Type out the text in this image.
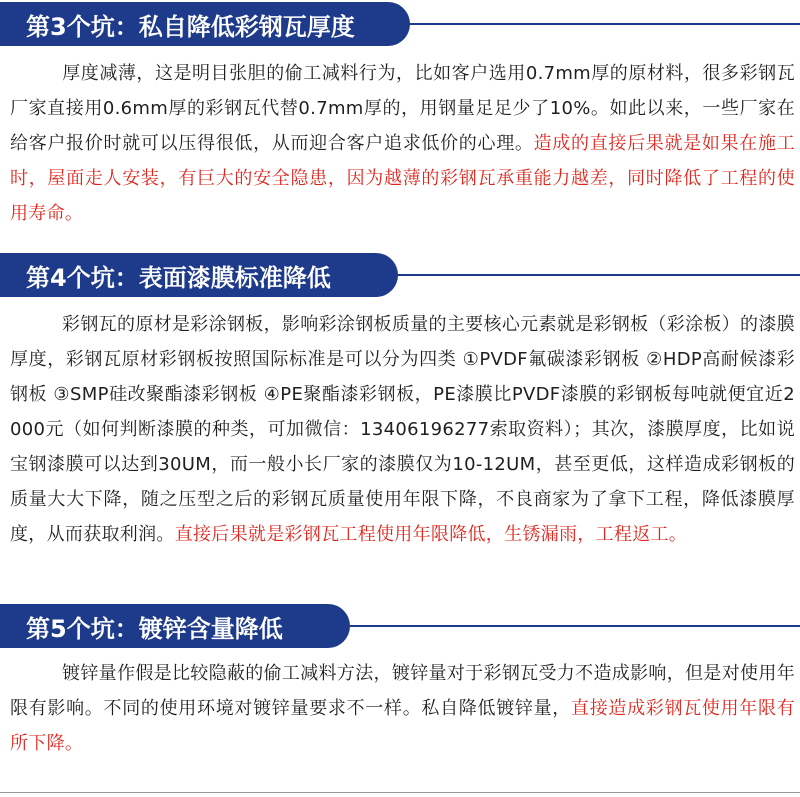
第3个坑：私自降低彩钢瓦厚度
厚度减薄，这是明目张胆的偷工减料行为，比如客户选用0.7mm厚的原材料，很多彩钢瓦厂家直接用0.6mm厚的彩钢瓦代替0.7mm厚的，用钢量足足少了10%。如此以来，一些厂家在给客户报价时就可以压得很低，从而迎合客户追求低价的心理。造成的直接后果就是如果在施工时，屋面走人安装，有巨大的安全隐患，因为越薄的彩钢瓦承重能力越差，同时降低了工程的使用寿命。
第4个坑：表面漆膜标准降低
彩钢瓦的原材是彩涂钢板，影响彩涂钢板质量的主要核心元素就是彩钢板（彩涂板）的漆膜厚度，彩钢瓦原材彩钢板按照国际标准是可以分为四类 ①PVDF氟碳漆彩钢板 ②HDP高耐候漆彩钢板 ③SMP硅改聚酯漆彩钢板 ④PE聚酯漆彩钢板，PE漆膜比PVDF漆膜的彩钢板每吨就便宜近2000元（如何判断漆膜的种类，可加微信：13406196277索取资料）；其次，漆膜厚度，比如说宝钢漆膜可以达到30UM，而一般小长厂家的漆膜仅为10-12UM，甚至更低，这样造成彩钢板的质量大大下降，随之压型之后的彩钢瓦质量使用年限下降，不良商家为了拿下工程，降低漆膜厚度，从而获取利润。直接后果就是彩钢瓦工程使用年限降低，生锈漏雨，工程返工。
第5个坑：镀锌含量降低
镀锌量作假是比较隐蔽的偷工减料方法，镀锌量对于彩钢瓦受力不造成影响，但是对使用年限有影响。不同的使用环境对镀锌量要求不一样。私自降低镀锌量，直接造成彩钢瓦使用年限有所下降。
